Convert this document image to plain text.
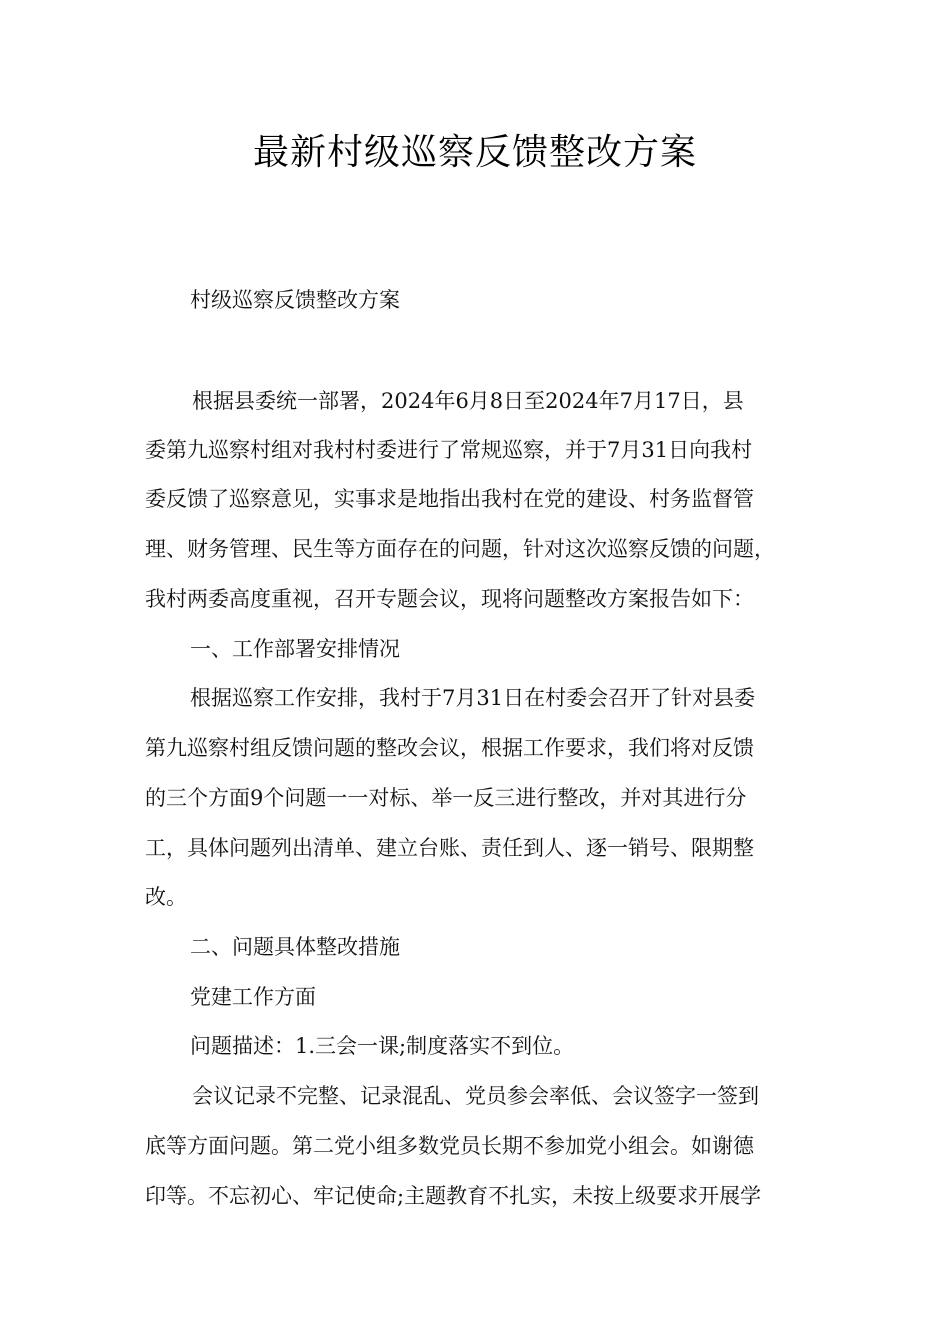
最新村级巡察反馈整改方案

村级巡察反馈整改方案

根据县委统一部署，2024年6月8日至2024年7月17日，县

委第九巡察村组对我村村委进行了常规巡察，并于7月31日向我村

委反馈了巡察意见，实事求是地指出我村在党的建设、村务监督管

理、财务管理、民生等方面存在的问题，针对这次巡察反馈的问题，

我村两委高度重视，召开专题会议，现将问题整改方案报告如下：

一、工作部署安排情况

根据巡察工作安排，我村于7月31日在村委会召开了针对县委

第九巡察村组反馈问题的整改会议，根据工作要求，我们将对反馈

的三个方面9个问题一一对标、举一反三进行整改，并对其进行分

工，具体问题列出清单、建立台账、责任到人、逐一销号、限期整

改。

二、问题具体整改措施

党建工作方面

问题描述：1.三会一课;制度落实不到位。

会议记录不完整、记录混乱、党员参会率低、会议签字一签到

底等方面问题。第二党小组多数党员长期不参加党小组会。如谢德

印等。不忘初心、牢记使命;主题教育不扎实，未按上级要求开展学
